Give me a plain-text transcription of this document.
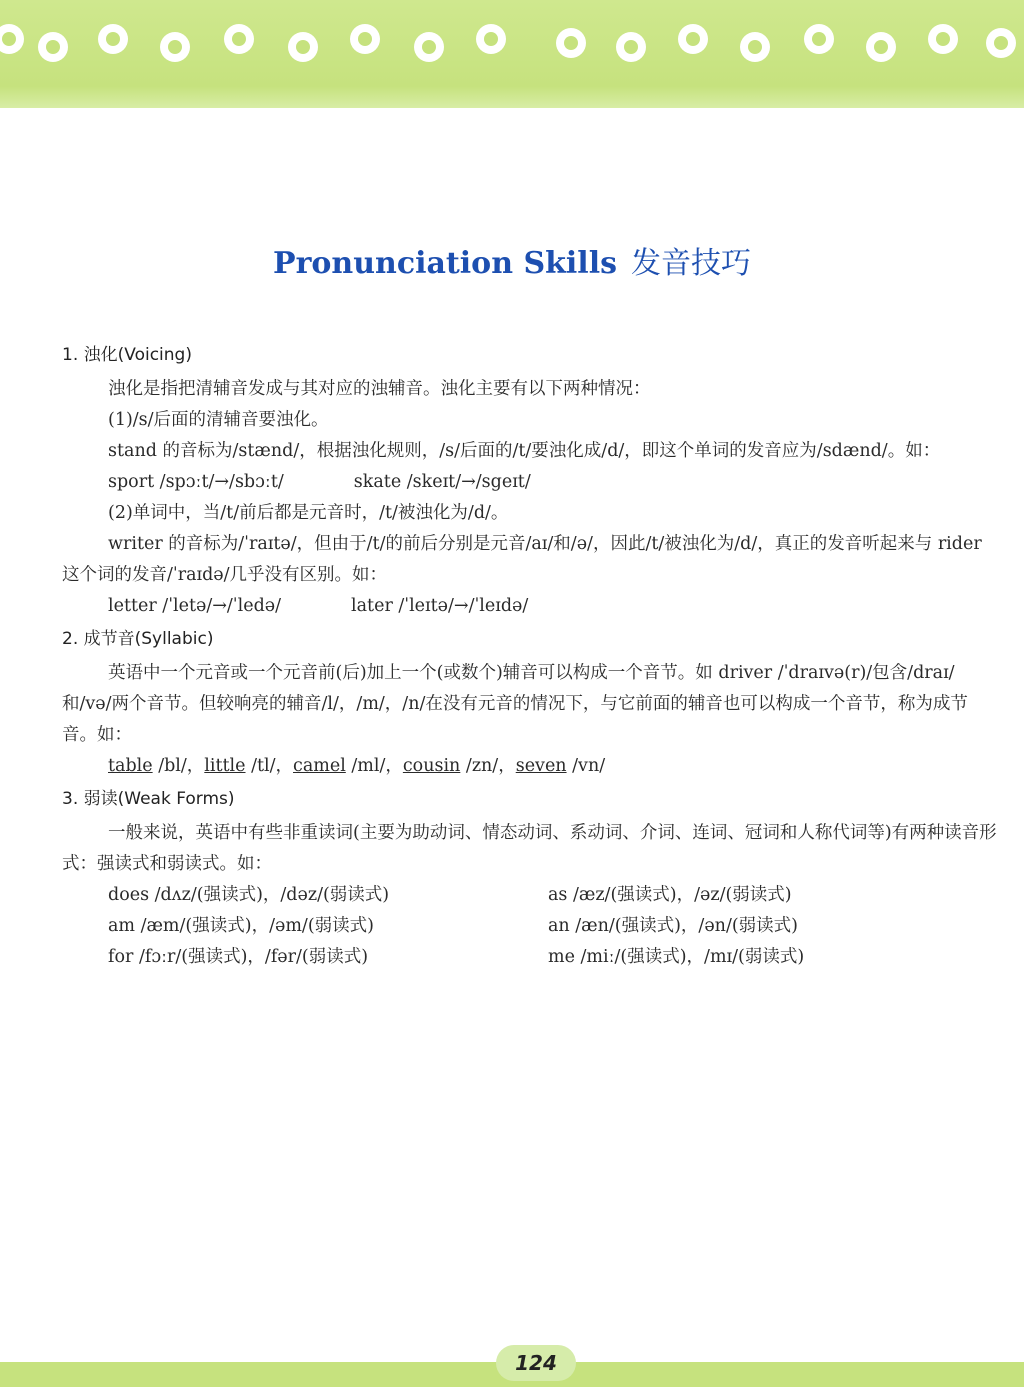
Pronunciation Skills 发音技巧
1. 浊化(Voicing)

浊化是指把清辅音发成与其对应的浊辅音。浊化主要有以下两种情况：

(1)/s/后面的清辅音要浊化。

stand 的音标为/stænd/，根据浊化规则，/s/后面的/t/要浊化成/d/，即这个单词的发音应为/sdænd/。如：

sport /spɔːt/→/sbɔːt/	skate /skeɪt/→/sgeɪt/

(2)单词中，当/t/前后都是元音时，/t/被浊化为/d/。

writer 的音标为/ˈraɪtə/，但由于/t/的前后分别是元音/aɪ/和/ə/，因此/t/被浊化为/d/，真正的发音听起来与 rider 这个词的发音/ˈraɪdə/几乎没有区别。如：

letter /ˈletə/→/ˈledə/	later /ˈleɪtə/→/ˈleɪdə/
2. 成节音(Syllabic)

英语中一个元音或一个元音前(后)加上一个(或数个)辅音可以构成一个音节。如 driver /ˈdraɪvə(r)/包含/draɪ/和/və/两个音节。但较响亮的辅音/l/，/m/，/n/在没有元音的情况下，与它前面的辅音也可以构成一个音节，称为成节音。如：

table /bl/，little /tl/，camel /ml/，cousin /zn/，seven /vn/
3. 弱读(Weak Forms)

一般来说，英语中有些非重读词(主要为助动词、情态动词、系动词、介词、连词、冠词和人称代词等)有两种读音形式：强读式和弱读式。如：

does /dʌz/(强读式)，/dəz/(弱读式)	as /æz/(强读式)，/əz/(弱读式)
am /æm/(强读式)，/əm/(弱读式)	an /æn/(强读式)，/ən/(弱读式)
for /fɔːr/(强读式)，/fər/(弱读式)	me /miː/(强读式)，/mɪ/(弱读式)
124
